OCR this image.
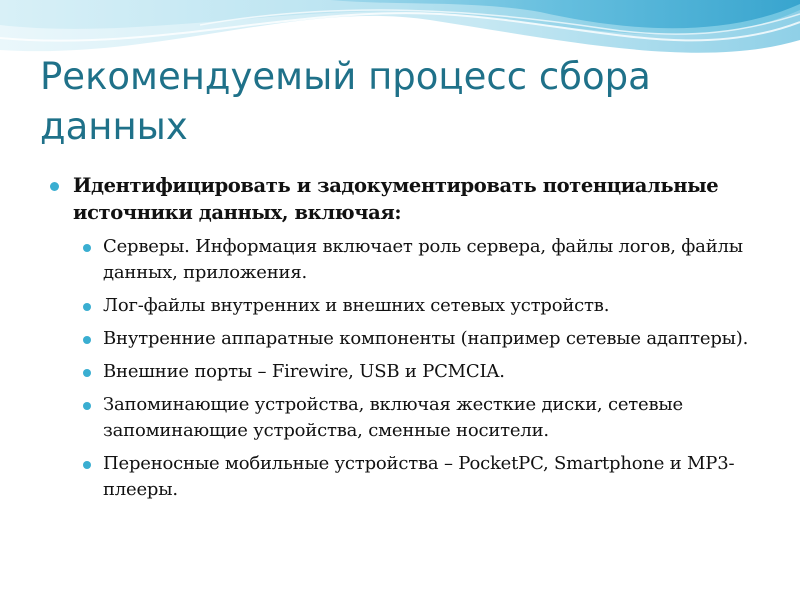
Рекомендуемый процесс сбора данных
Идентифицировать и задокументировать потенциальные источники данных, включая:
Серверы. Информация включает роль сервера, файлы логов, файлы данных, приложения.
Лог-файлы внутренних и внешних сетевых устройств.
Внутренние аппаратные компоненты (например сетевые адаптеры).
Внешние порты – Firewire, USB и PCMCIA.
Запоминающие устройства, включая жесткие диски, сетевые запоминающие устройства, сменные носители.
Переносные мобильные устройства – PocketPC, Smartphone и MP3-плееры.
